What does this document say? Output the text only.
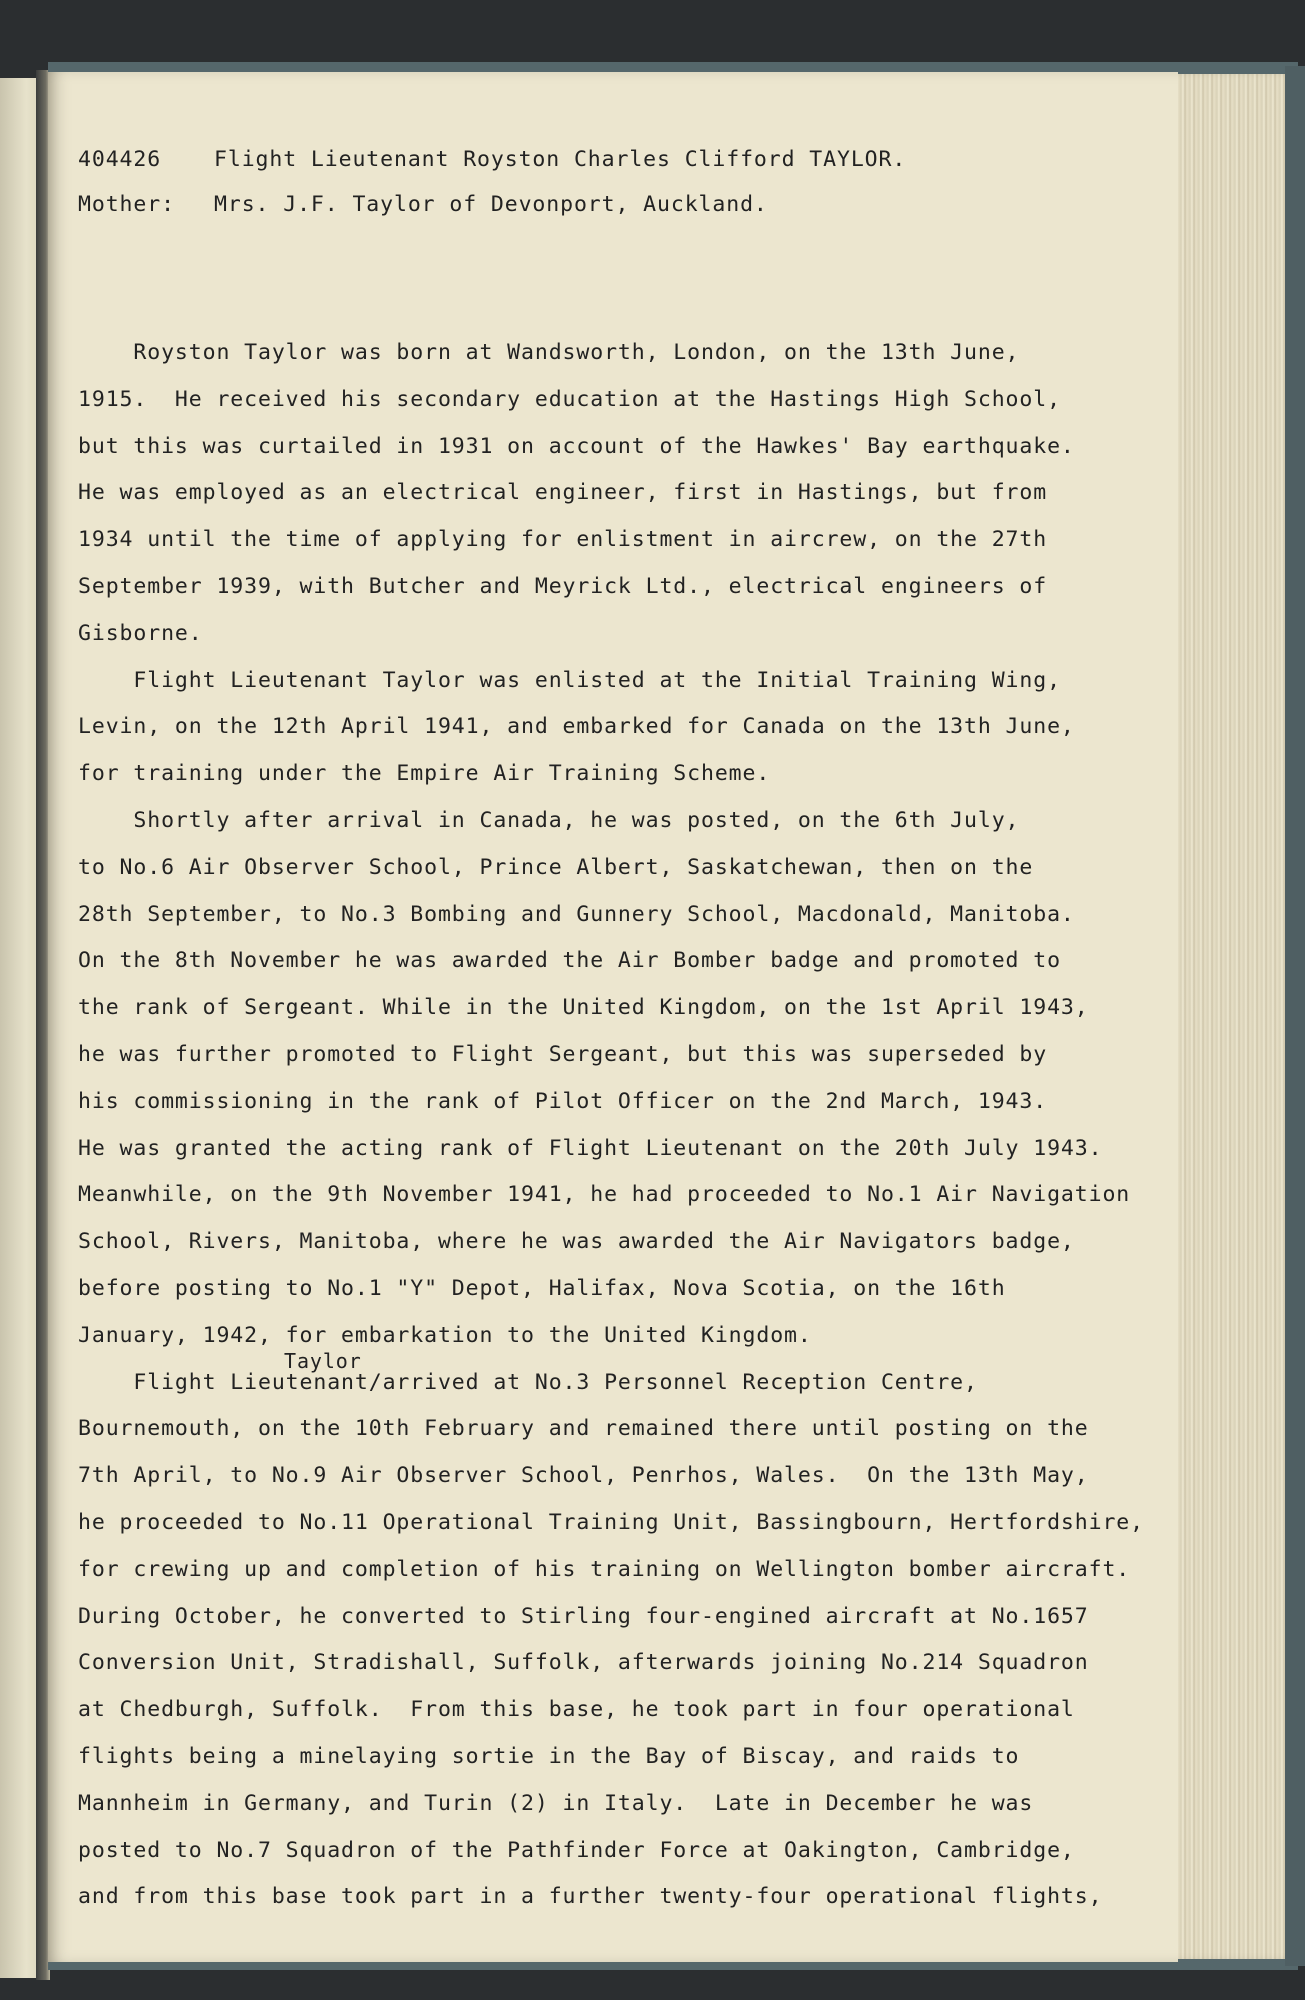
404426 Flight Lieutenant Royston Charles Clifford TAYLOR.
Mother: Mrs. J.F. Taylor of Devonport, Auckland.
Royston Taylor was born at Wandsworth, London, on the 13th June,
1915.  He received his secondary education at the Hastings High School,
but this was curtailed in 1931 on account of the Hawkes' Bay earthquake.
He was employed as an electrical engineer, first in Hastings, but from
1934 until the time of applying for enlistment in aircrew, on the 27th
September 1939, with Butcher and Meyrick Ltd., electrical engineers of
Gisborne.
Flight Lieutenant Taylor was enlisted at the Initial Training Wing,
Levin, on the 12th April 1941, and embarked for Canada on the 13th June,
for training under the Empire Air Training Scheme.
Shortly after arrival in Canada, he was posted, on the 6th July,
to No.6 Air Observer School, Prince Albert, Saskatchewan, then on the
28th September, to No.3 Bombing and Gunnery School, Macdonald, Manitoba.
On the 8th November he was awarded the Air Bomber badge and promoted to
the rank of Sergeant. While in the United Kingdom, on the 1st April 1943,
he was further promoted to Flight Sergeant, but this was superseded by
his commissioning in the rank of Pilot Officer on the 2nd March, 1943.
He was granted the acting rank of Flight Lieutenant on the 20th July 1943.
Meanwhile, on the 9th November 1941, he had proceeded to No.1 Air Navigation
School, Rivers, Manitoba, where he was awarded the Air Navigators badge,
before posting to No.1 "Y" Depot, Halifax, Nova Scotia, on the 16th
January, 1942, for embarkation to the United Kingdom.
Flight Lieutenant/arrived at No.3 Personnel Reception Centre,
Bournemouth, on the 10th February and remained there until posting on the
7th April, to No.9 Air Observer School, Penrhos, Wales.  On the 13th May,
he proceeded to No.11 Operational Training Unit, Bassingbourn, Hertfordshire,
for crewing up and completion of his training on Wellington bomber aircraft.
During October, he converted to Stirling four-engined aircraft at No.1657
Conversion Unit, Stradishall, Suffolk, afterwards joining No.214 Squadron
at Chedburgh, Suffolk.  From this base, he took part in four operational
flights being a minelaying sortie in the Bay of Biscay, and raids to
Mannheim in Germany, and Turin (2) in Italy.  Late in December he was
posted to No.7 Squadron of the Pathfinder Force at Oakington, Cambridge,
and from this base took part in a further twenty-four operational flights,
Taylor
